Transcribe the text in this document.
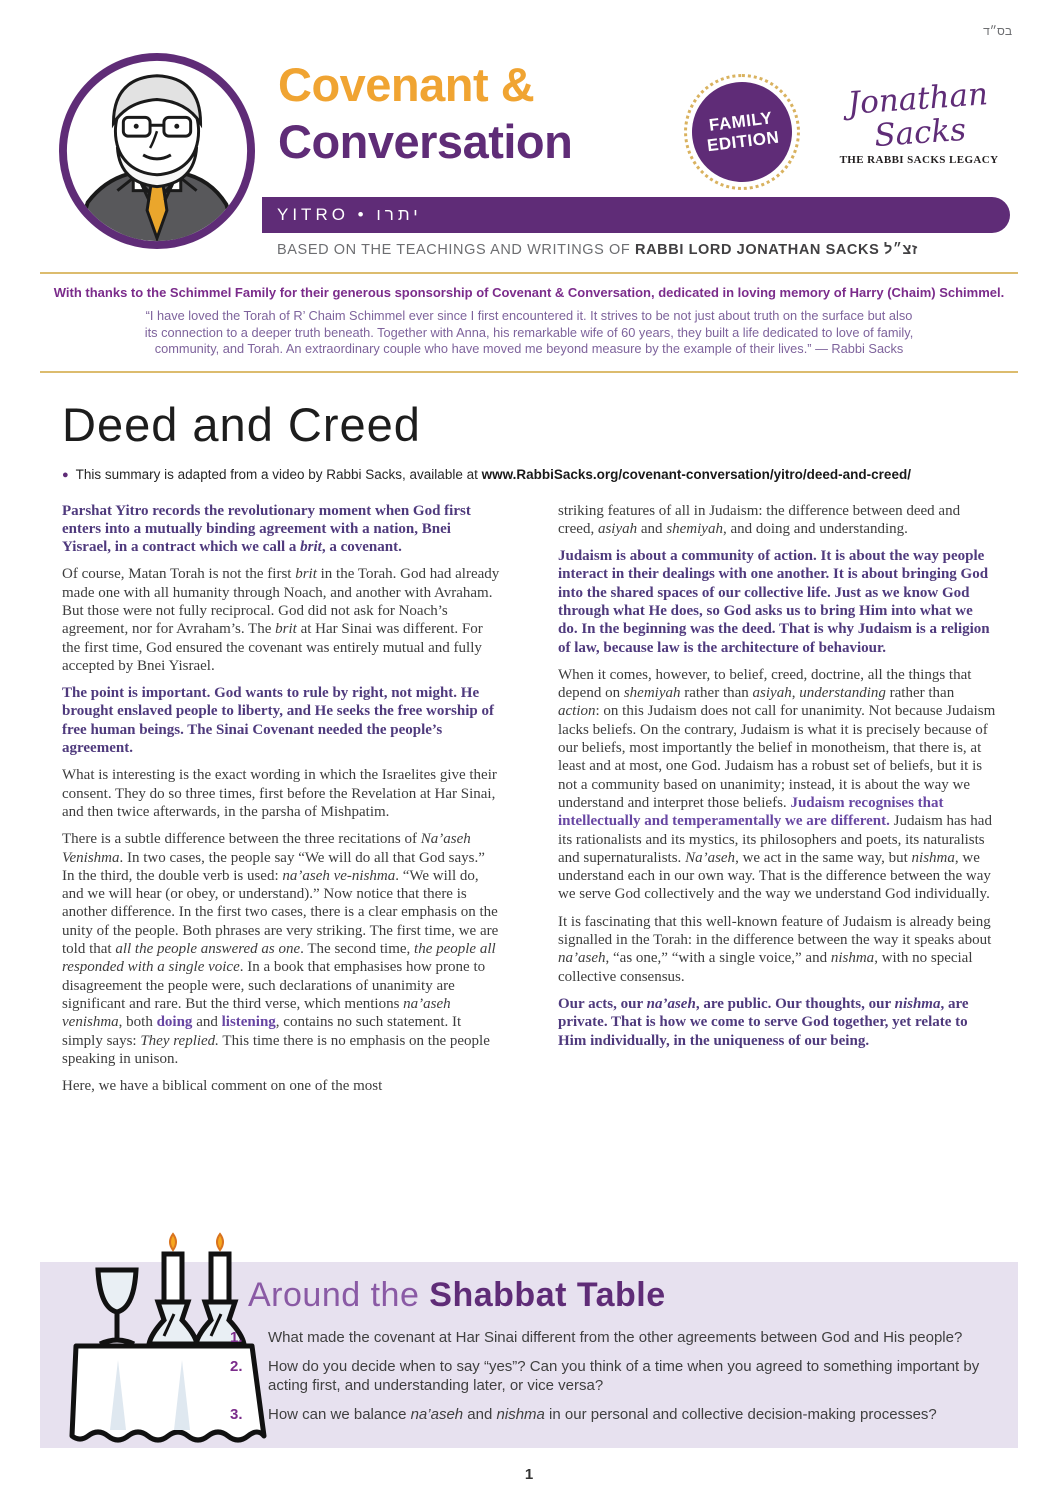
בס״ד
Covenant &
Conversation	FAMILY
EDITION
Jonathan Sacks
THE RABBI SACKS LEGACY
YITRO • יתרו
BASED ON THE TEACHINGS AND WRITINGS OF RABBI LORD JONATHAN SACKS זצ״ל
With thanks to the Schimmel Family for their generous sponsorship of Covenant & Conversation, dedicated in loving memory of Harry (Chaim) Schimmel.
“I have loved the Torah of R’ Chaim Schimmel ever since I first encountered it. It strives to be not just about truth on the surface but also
its connection to a deeper truth beneath. Together with Anna, his remarkable wife of 60 years, they built a life dedicated to love of family,
community, and Torah. An extraordinary couple who have moved me beyond measure by the example of their lives.” — Rabbi Sacks
Deed and Creed
● This summary is adapted from a video by Rabbi Sacks, available at www.RabbiSacks.org/covenant-conversation/yitro/deed-and-creed/

Parshat Yitro records the revolutionary moment when God first enters into a mutually binding agreement with a nation, Bnei Yisrael, in a contract which we call a brit, a covenant.

Of course, Matan Torah is not the first brit in the Torah. God had already made one with all humanity through Noach, and another with Avraham. But those were not fully reciprocal. God did not ask for Noach’s agreement, nor for Avraham’s. The brit at Har Sinai was different. For the first time, God ensured the covenant was entirely mutual and fully accepted by Bnei Yisrael.

The point is important. God wants to rule by right, not might. He brought enslaved people to liberty, and He seeks the free worship of free human beings. The Sinai Covenant needed the people’s agreement.

What is interesting is the exact wording in which the Israelites give their consent. They do so three times, first before the Revelation at Har Sinai, and then twice afterwards, in the parsha of Mishpatim.

There is a subtle difference between the three recitations of Na’aseh Venishma. In two cases, the people say “We will do all that God says.” In the third, the double verb is used: na’aseh ve-nishma. “We will do, and we will hear (or obey, or understand).” Now notice that there is another difference. In the first two cases, there is a clear emphasis on the unity of the people. Both phrases are very striking. The first time, we are told that all the people answered as one. The second time, the people all responded with a single voice. In a book that emphasises how prone to disagreement the people were, such declarations of unanimity are significant and rare. But the third verse, which mentions na’aseh venishma, both doing and listening, contains no such statement. It simply says: They replied. This time there is no emphasis on the people speaking in unison.

Here, we have a biblical comment on one of the most

striking features of all in Judaism: the difference between deed and creed, asiyah and shemiyah, and doing and understanding.

Judaism is about a community of action. It is about the way people interact in their dealings with one another. It is about bringing God into the shared spaces of our collective life. Just as we know God through what He does, so God asks us to bring Him into what we do. In the beginning was the deed. That is why Judaism is a religion of law, because law is the architecture of behaviour.

When it comes, however, to belief, creed, doctrine, all the things that depend on shemiyah rather than asiyah, understanding rather than action: on this Judaism does not call for unanimity. Not because Judaism lacks beliefs. On the contrary, Judaism is what it is precisely because of our beliefs, most importantly the belief in monotheism, that there is, at least and at most, one God. Judaism has a robust set of beliefs, but it is not a community based on unanimity; instead, it is about the way we understand and interpret those beliefs. Judaism recognises that intellectually and temperamentally we are different. Judaism has had its rationalists and its mystics, its philosophers and poets, its naturalists and supernaturalists. Na’aseh, we act in the same way, but nishma, we understand each in our own way. That is the difference between the way we serve God collectively and the way we understand God individually.

It is fascinating that this well-known feature of Judaism is already being signalled in the Torah: in the difference between the way it speaks about na’aseh, “as one,” “with a single voice,” and nishma, with no special collective consensus.

Our acts, our na’aseh, are public. Our thoughts, our nishma, are private. That is how we come to serve God together, yet relate to Him individually, in the uniqueness of our being.

Around the Shabbat Table
1.	What made the covenant at Har Sinai different from the other agreements between God and His people?
2.	How do you decide when to say “yes”? Can you think of a time when you agreed to something important by acting first, and understanding later, or vice versa?
3.	How can we balance na’aseh and nishma in our personal and collective decision-making processes?
1
